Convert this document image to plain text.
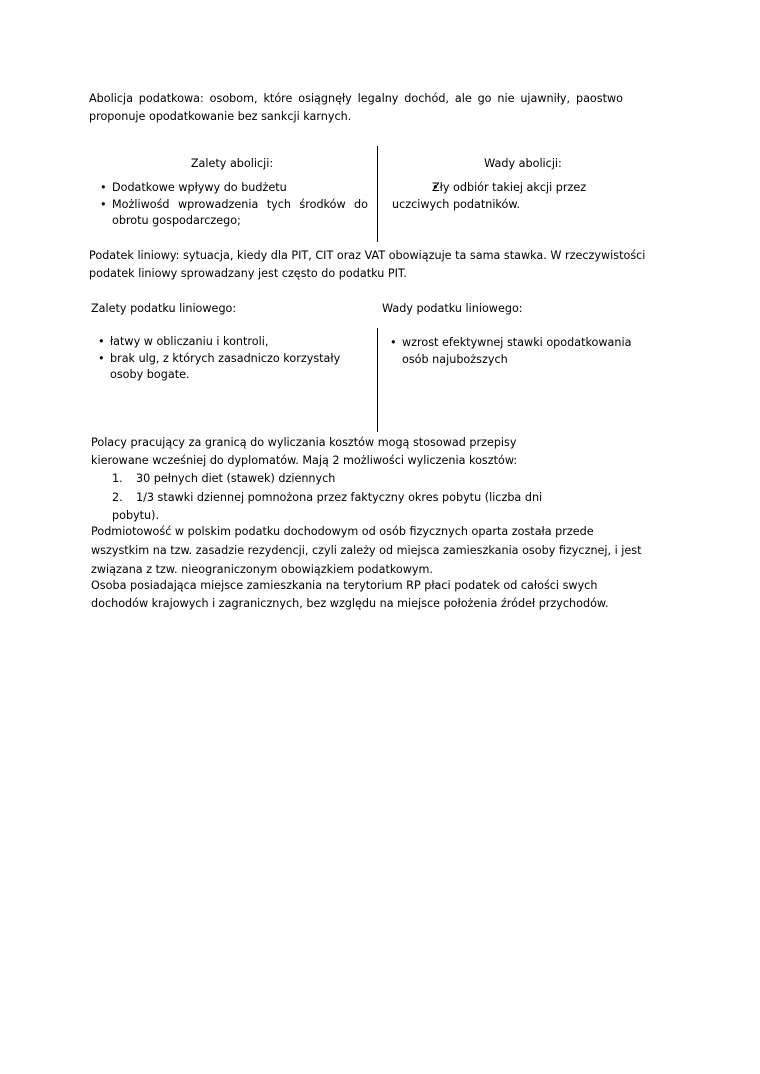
Abolicja podatkowa: osobom, które osiągnęły legalny dochód, ale go nie ujawniły, paostwo proponuje opodatkowanie bez sankcji karnych.
Zalety abolicji:
• Dodatkowe wpływy do budżetu
• Możliwośd wprowadzenia tych środków do obrotu gospodarczego;
Wady abolicji:
• Zły odbiór takiej akcji przez uczciwych podatników.
Podatek liniowy: sytuacja, kiedy dla PIT, CIT oraz VAT obowiązuje ta sama stawka. W rzeczywistości podatek liniowy sprowadzany jest często do podatku PIT.
Zalety podatku liniowego:
• łatwy w obliczaniu i kontroli,
• brak ulg, z których zasadniczo korzystały osoby bogate.
Wady podatku liniowego:
• wzrost efektywnej stawki opodatkowania osób najuboższych
Polacy pracujący za granicą do wyliczania kosztów mogą stosowad przepisy kierowane wcześniej do dyplomatów. Mają 2 możliwości wyliczenia kosztów:
1. 30 pełnych diet (stawek) dziennych
2. 1/3 stawki dziennej pomnożona przez faktyczny okres pobytu (liczba dni pobytu).
Podmiotowość w polskim podatku dochodowym od osób fizycznych oparta została przede wszystkim na tzw. zasadzie rezydencji, czyli zależy od miejsca zamieszkania osoby fizycznej, i jest związana z tzw. nieograniczonym obowiązkiem podatkowym.
Osoba posiadająca miejsce zamieszkania na terytorium RP płaci podatek od całości swych dochodów krajowych i zagranicznych, bez względu na miejsce położenia źródeł przychodów.
